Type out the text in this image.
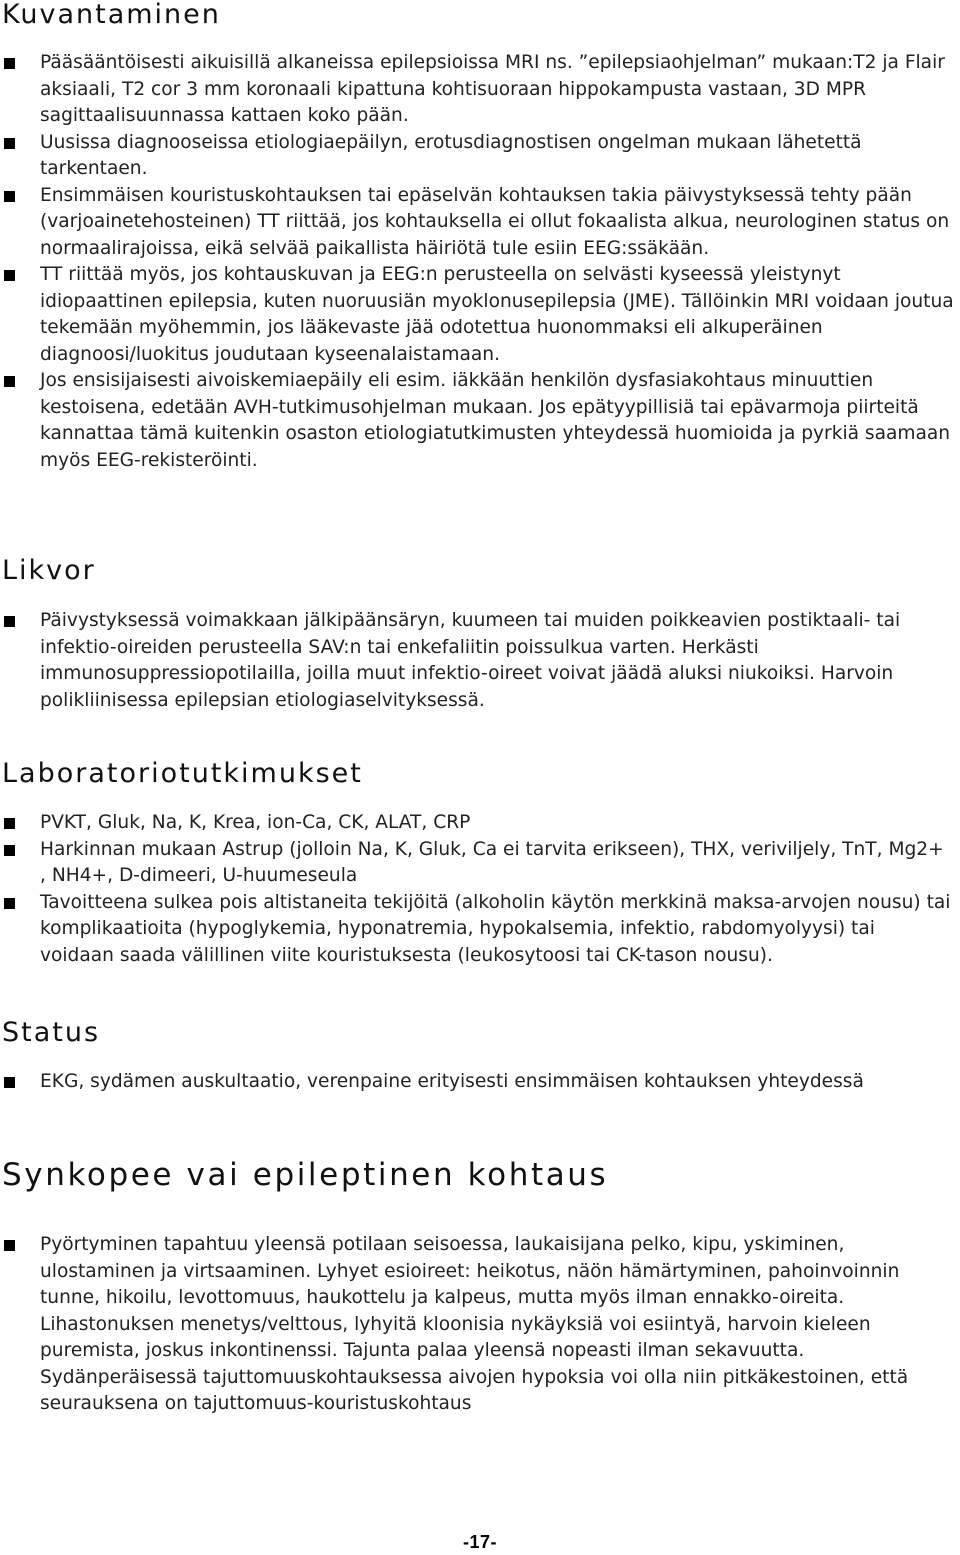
Kuvantaminen
Pääsääntöisesti aikuisillä alkaneissa epilepsioissa MRI ns. ”epilepsiaohjelman” mukaan:T2 ja Flair aksiaali, T2 cor 3 mm koronaali kipattuna kohtisuoraan hippokampusta vastaan, 3D MPR sagittaalisuunnassa kattaen koko pään.
Uusissa diagnooseissa etiologiaepäilyn, erotusdiagnostisen ongelman mukaan lähetettä tarkentaen.
Ensimmäisen kouristuskohtauksen tai epäselvän kohtauksen takia päivystyksessä tehty pään (varjoainetehosteinen) TT riittää, jos kohtauksella ei ollut fokaalista alkua, neurologinen status on normaalirajoissa, eikä selvää paikallista häiriötä tule esiin EEG:ssäkään.
TT riittää myös, jos kohtauskuvan ja EEG:n perusteella on selvästi kyseessä yleistynyt idiopaattinen epilepsia, kuten nuoruusiän myoklonusepilepsia (JME). Tällöinkin MRI voidaan joutua tekemään myöhemmin, jos lääkevaste jää odotettua huonommaksi eli alkuperäinen diagnoosi/luokitus joudutaan kyseenalaistamaan.
Jos ensisijaisesti aivoiskemiaepäily eli esim. iäkkään henkilön dysfasiakohtaus minuuttien kestoisena, edetään AVH-tutkimusohjelman mukaan. Jos epätyypillisiä tai epävarmoja piirteitä kannattaa tämä kuitenkin osaston etiologiatutkimusten yhteydessä huomioida ja pyrkiä saamaan myös EEG-rekisteröinti.
Likvor
Päivystyksessä voimakkaan jälkipäänsäryn, kuumeen tai muiden poikkeavien postiktaali- tai infektio-oireiden perusteella SAV:n tai enkefaliitin poissulkua varten. Herkästi immunosuppressiopotilailla, joilla muut infektio-oireet voivat jäädä aluksi niukoiksi. Harvoin polikliinisessa epilepsian etiologiaselvityksessä.
Laboratoriotutkimukset
PVKT, Gluk, Na, K, Krea, ion-Ca, CK, ALAT, CRP
Harkinnan mukaan Astrup (jolloin Na, K, Gluk, Ca ei tarvita erikseen), THX, veriviljely, TnT, Mg2+ , NH4+, D-dimeeri, U-huumeseula
Tavoitteena sulkea pois altistaneita tekijöitä (alkoholin käytön merkkinä maksa-arvojen nousu) tai komplikaatioita (hypoglykemia, hyponatremia, hypokalsemia, infektio, rabdomyolyysi) tai voidaan saada välillinen viite kouristuksesta (leukosytoosi tai CK-tason nousu).
Status
EKG, sydämen auskultaatio, verenpaine erityisesti ensimmäisen kohtauksen yhteydessä
Synkopee vai epileptinen kohtaus
Pyörtyminen tapahtuu yleensä potilaan seisoessa, laukaisijana pelko, kipu, yskiminen, ulostaminen ja virtsaaminen. Lyhyet esioireet: heikotus, näön hämärtyminen, pahoinvoinnin tunne, hikoilu, levottomuus, haukottelu ja kalpeus, mutta myös ilman ennakko-oireita. Lihastonuksen menetys/velttous, lyhyitä kloonisia nykäyksiä voi esiintyä, harvoin kieleen puremista, joskus inkontinenssi. Tajunta palaa yleensä nopeasti ilman sekavuutta. Sydänperäisessä tajuttomuuskohtauksessa aivojen hypoksia voi olla niin pitkäkestoinen, että seurauksena on tajuttomuus-kouristuskohtaus
-17-
